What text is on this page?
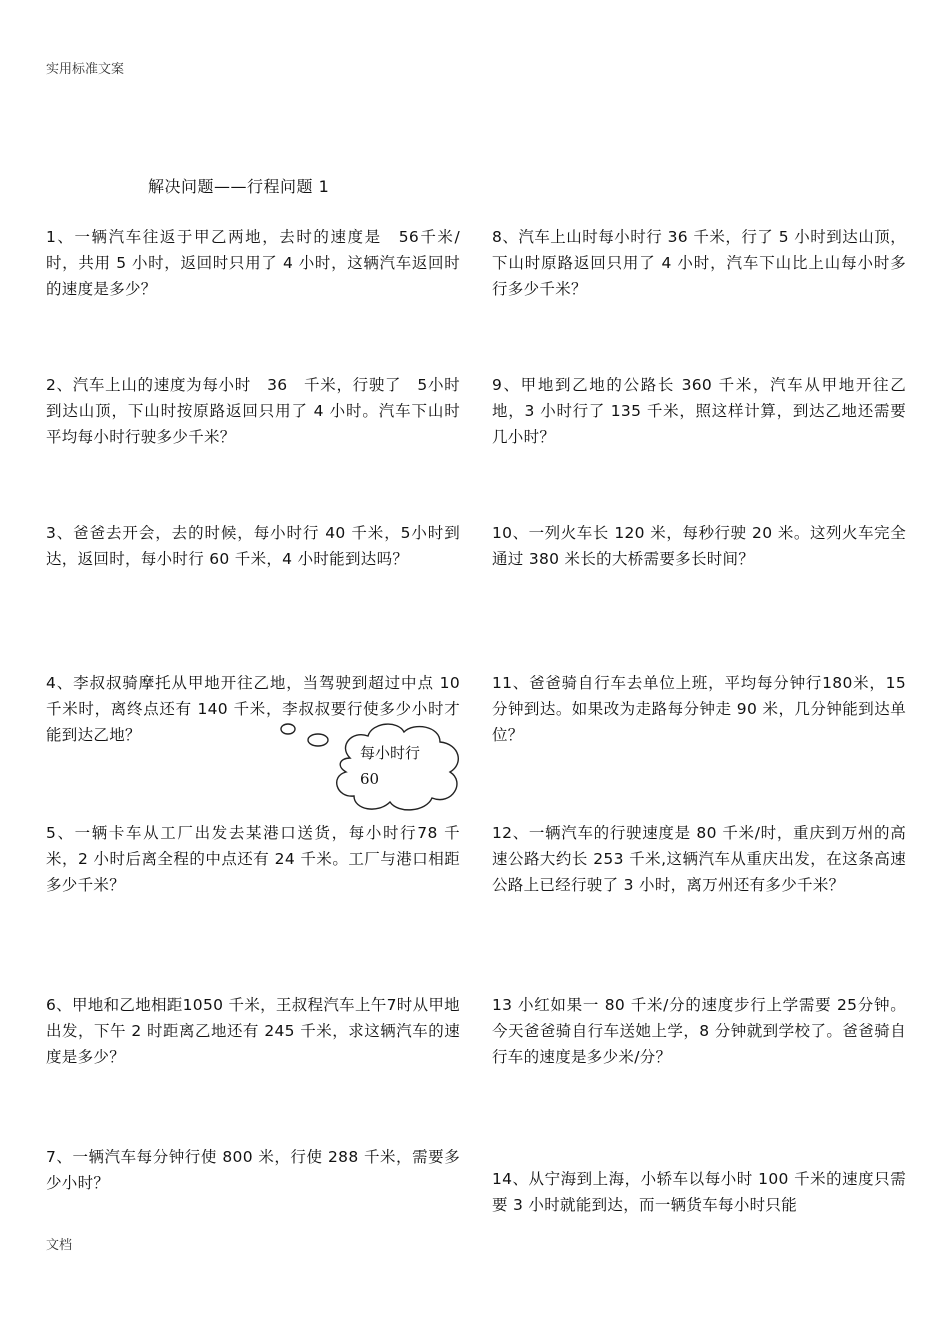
实用标准文案
解决问题——行程问题 1
1、一辆汽车往返于甲乙两地，去时的速度是　56千米/时，共用 5 小时，返回时只用了 4 小时，这辆汽车返回时的速度是多少？
2、汽车上山的速度为每小时　36　千米，行驶了　5小时到达山顶，下山时按原路返回只用了 4 小时。汽车下山时平均每小时行驶多少千米？
3、爸爸去开会，去的时候，每小时行 40 千米，5小时到达，返回时，每小时行 60 千米，4 小时能到达吗？
4、李叔叔骑摩托从甲地开往乙地，当驾驶到超过中点 10 千米时，离终点还有 140 千米，李叔叔要行使多少小时才能到达乙地？
5、一辆卡车从工厂出发去某港口送货，每小时行78 千米，2 小时后离全程的中点还有 24 千米。工厂与港口相距多少千米？
6、甲地和乙地相距1050 千米，王叔程汽车上午7时从甲地出发，下午 2 时距离乙地还有 245 千米，求这辆汽车的速度是多少？
7、一辆汽车每分钟行使 800 米，行使 288 千米，需要多少小时？
8、汽车上山时每小时行 36 千米，行了 5 小时到达山顶，下山时原路返回只用了 4 小时，汽车下山比上山每小时多行多少千米？
9、甲地到乙地的公路长 360 千米，汽车从甲地开往乙地，3 小时行了 135 千米，照这样计算，到达乙地还需要几小时？
10、一列火车长 120 米，每秒行驶 20 米。这列火车完全通过 380 米长的大桥需要多长时间？
11、爸爸骑自行车去单位上班，平均每分钟行180米，15 分钟到达。如果改为走路每分钟走 90 米，几分钟能到达单位？
12、一辆汽车的行驶速度是 80 千米/时，重庆到万州的高速公路大约长 253 千米,这辆汽车从重庆出发，在这条高速公路上已经行驶了 3 小时，离万州还有多少千米？
13 小红如果一 80 千米/分的速度步行上学需要 25分钟。今天爸爸骑自行车送她上学，8 分钟就到学校了。爸爸骑自行车的速度是多少米/分？
14、从宁海到上海，小轿车以每小时 100 千米的速度只需要 3 小时就能到达，而一辆货车每小时只能
每小时行
60
文档
